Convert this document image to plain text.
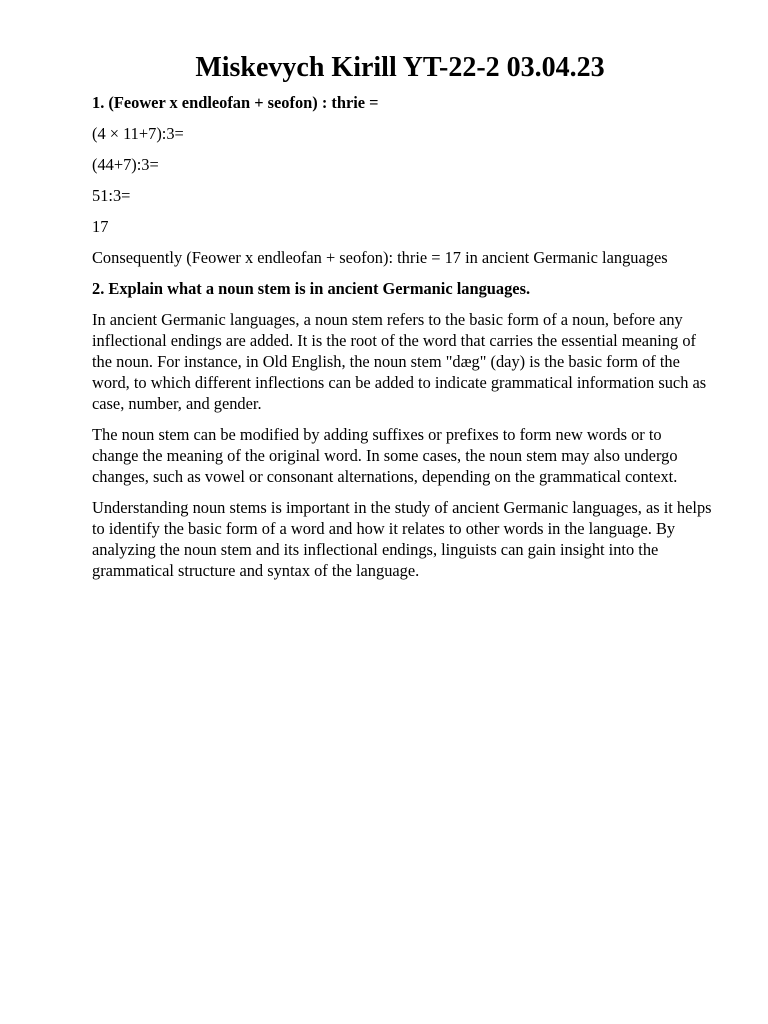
Miskevych Kirill YT-22-2 03.04.23

1. (Feower x endleofan + seofon) : thrie =

(4 × 11+7):3=

(44+7):3=

51:3=

17

Consequently (Feower x endleofan + seofon): thrie = 17 in ancient Germanic languages

2. Explain what a noun stem is in ancient Germanic languages.

In ancient Germanic languages, a noun stem refers to the basic form of a noun, before any inflectional endings are added. It is the root of the word that carries the essential meaning of the noun. For instance, in Old English, the noun stem "dæg" (day) is the basic form of the word, to which different inflections can be added to indicate grammatical information such as case, number, and gender.

The noun stem can be modified by adding suffixes or prefixes to form new words or to change the meaning of the original word. In some cases, the noun stem may also undergo changes, such as vowel or consonant alternations, depending on the grammatical context.

Understanding noun stems is important in the study of ancient Germanic languages, as it helps to identify the basic form of a word and how it relates to other words in the language. By analyzing the noun stem and its inflectional endings, linguists can gain insight into the grammatical structure and syntax of the language.
